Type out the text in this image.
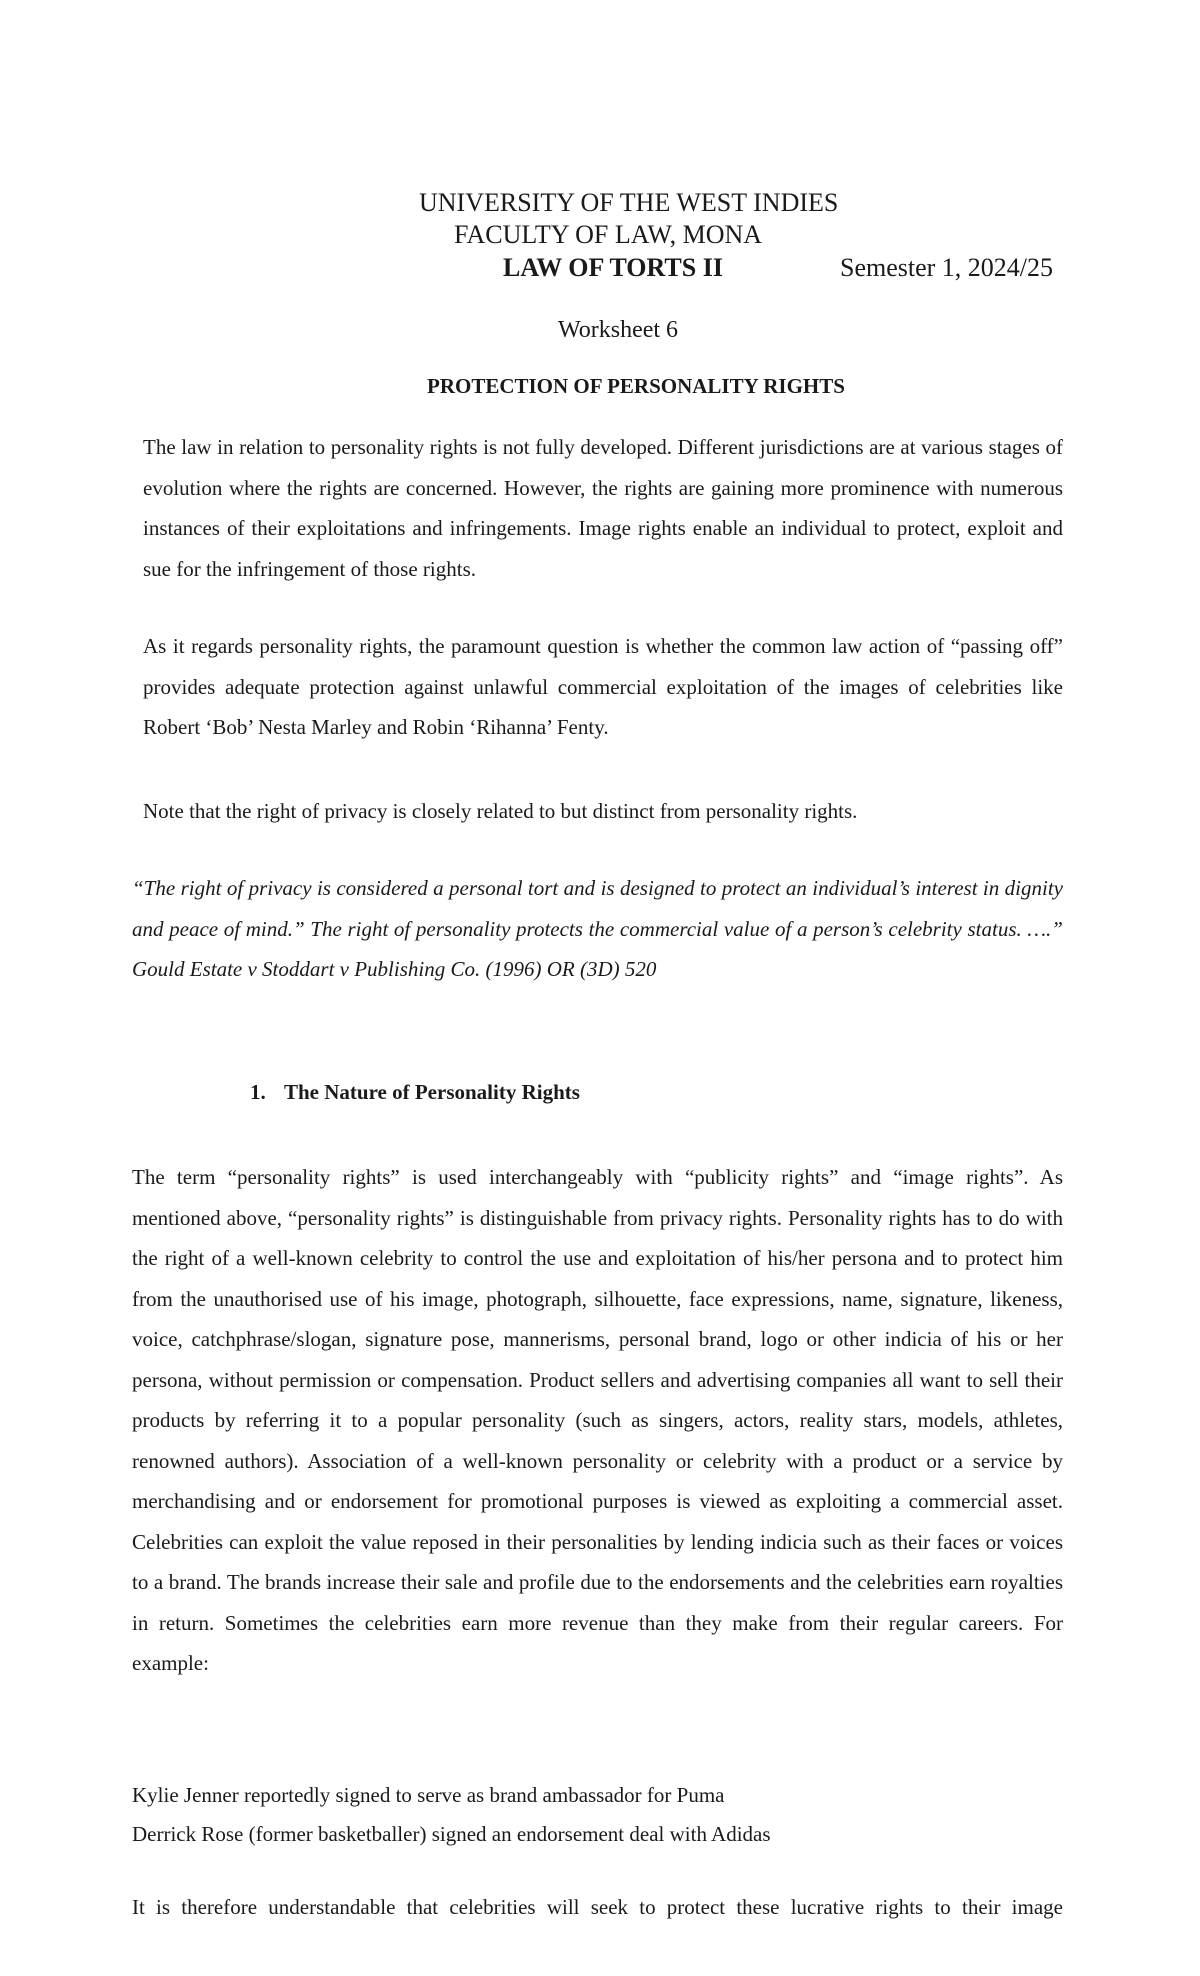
UNIVERSITY OF THE WEST INDIES
FACULTY OF LAW, MONA
LAW OF TORTS II	Semester 1, 2024/25
Worksheet 6
PROTECTION OF PERSONALITY RIGHTS

The law in relation to personality rights is not fully developed. Different jurisdictions are at various stages of evolution where the rights are concerned. However, the rights are gaining more prominence with numerous instances of their exploitations and infringements. Image rights enable an individual to protect, exploit and sue for the infringement of those rights.

As it regards personality rights, the paramount question is whether the common law action of “passing off” provides adequate protection against unlawful commercial exploitation of the images of celebrities like Robert ‘Bob’ Nesta Marley and Robin ‘Rihanna’ Fenty.

Note that the right of privacy is closely related to but distinct from personality rights.

“The right of privacy is considered a personal tort and is designed to protect an individual’s interest in dignity and peace of mind.” The right of personality protects the commercial value of a person’s celebrity status. ….” Gould Estate v Stoddart v Publishing Co. (1996) OR (3D) 520

1. The Nature of Personality Rights

The term “personality rights” is used interchangeably with “publicity rights” and “image rights”. As mentioned above, “personality rights” is distinguishable from privacy rights. Personality rights has to do with the right of a well-known celebrity to control the use and exploitation of his/her persona and to protect him from the unauthorised use of his image, photograph, silhouette, face expressions, name, signature, likeness, voice, catchphrase/slogan, signature pose, mannerisms, personal brand, logo or other indicia of his or her persona, without permission or compensation. Product sellers and advertising companies all want to sell their products by referring it to a popular personality (such as singers, actors, reality stars, models, athletes, renowned authors). Association of a well-known personality or celebrity with a product or a service by merchandising and or endorsement for promotional purposes is viewed as exploiting a commercial asset. Celebrities can exploit the value reposed in their personalities by lending indicia such as their faces or voices to a brand. The brands increase their sale and profile due to the endorsements and the celebrities earn royalties in return. Sometimes the celebrities earn more revenue than they make from their regular careers. For example:

Kylie Jenner reportedly signed to serve as brand ambassador for Puma
Derrick Rose (former basketballer) signed an endorsement deal with Adidas
It is therefore understandable that celebrities will seek to protect these lucrative rights to their image
